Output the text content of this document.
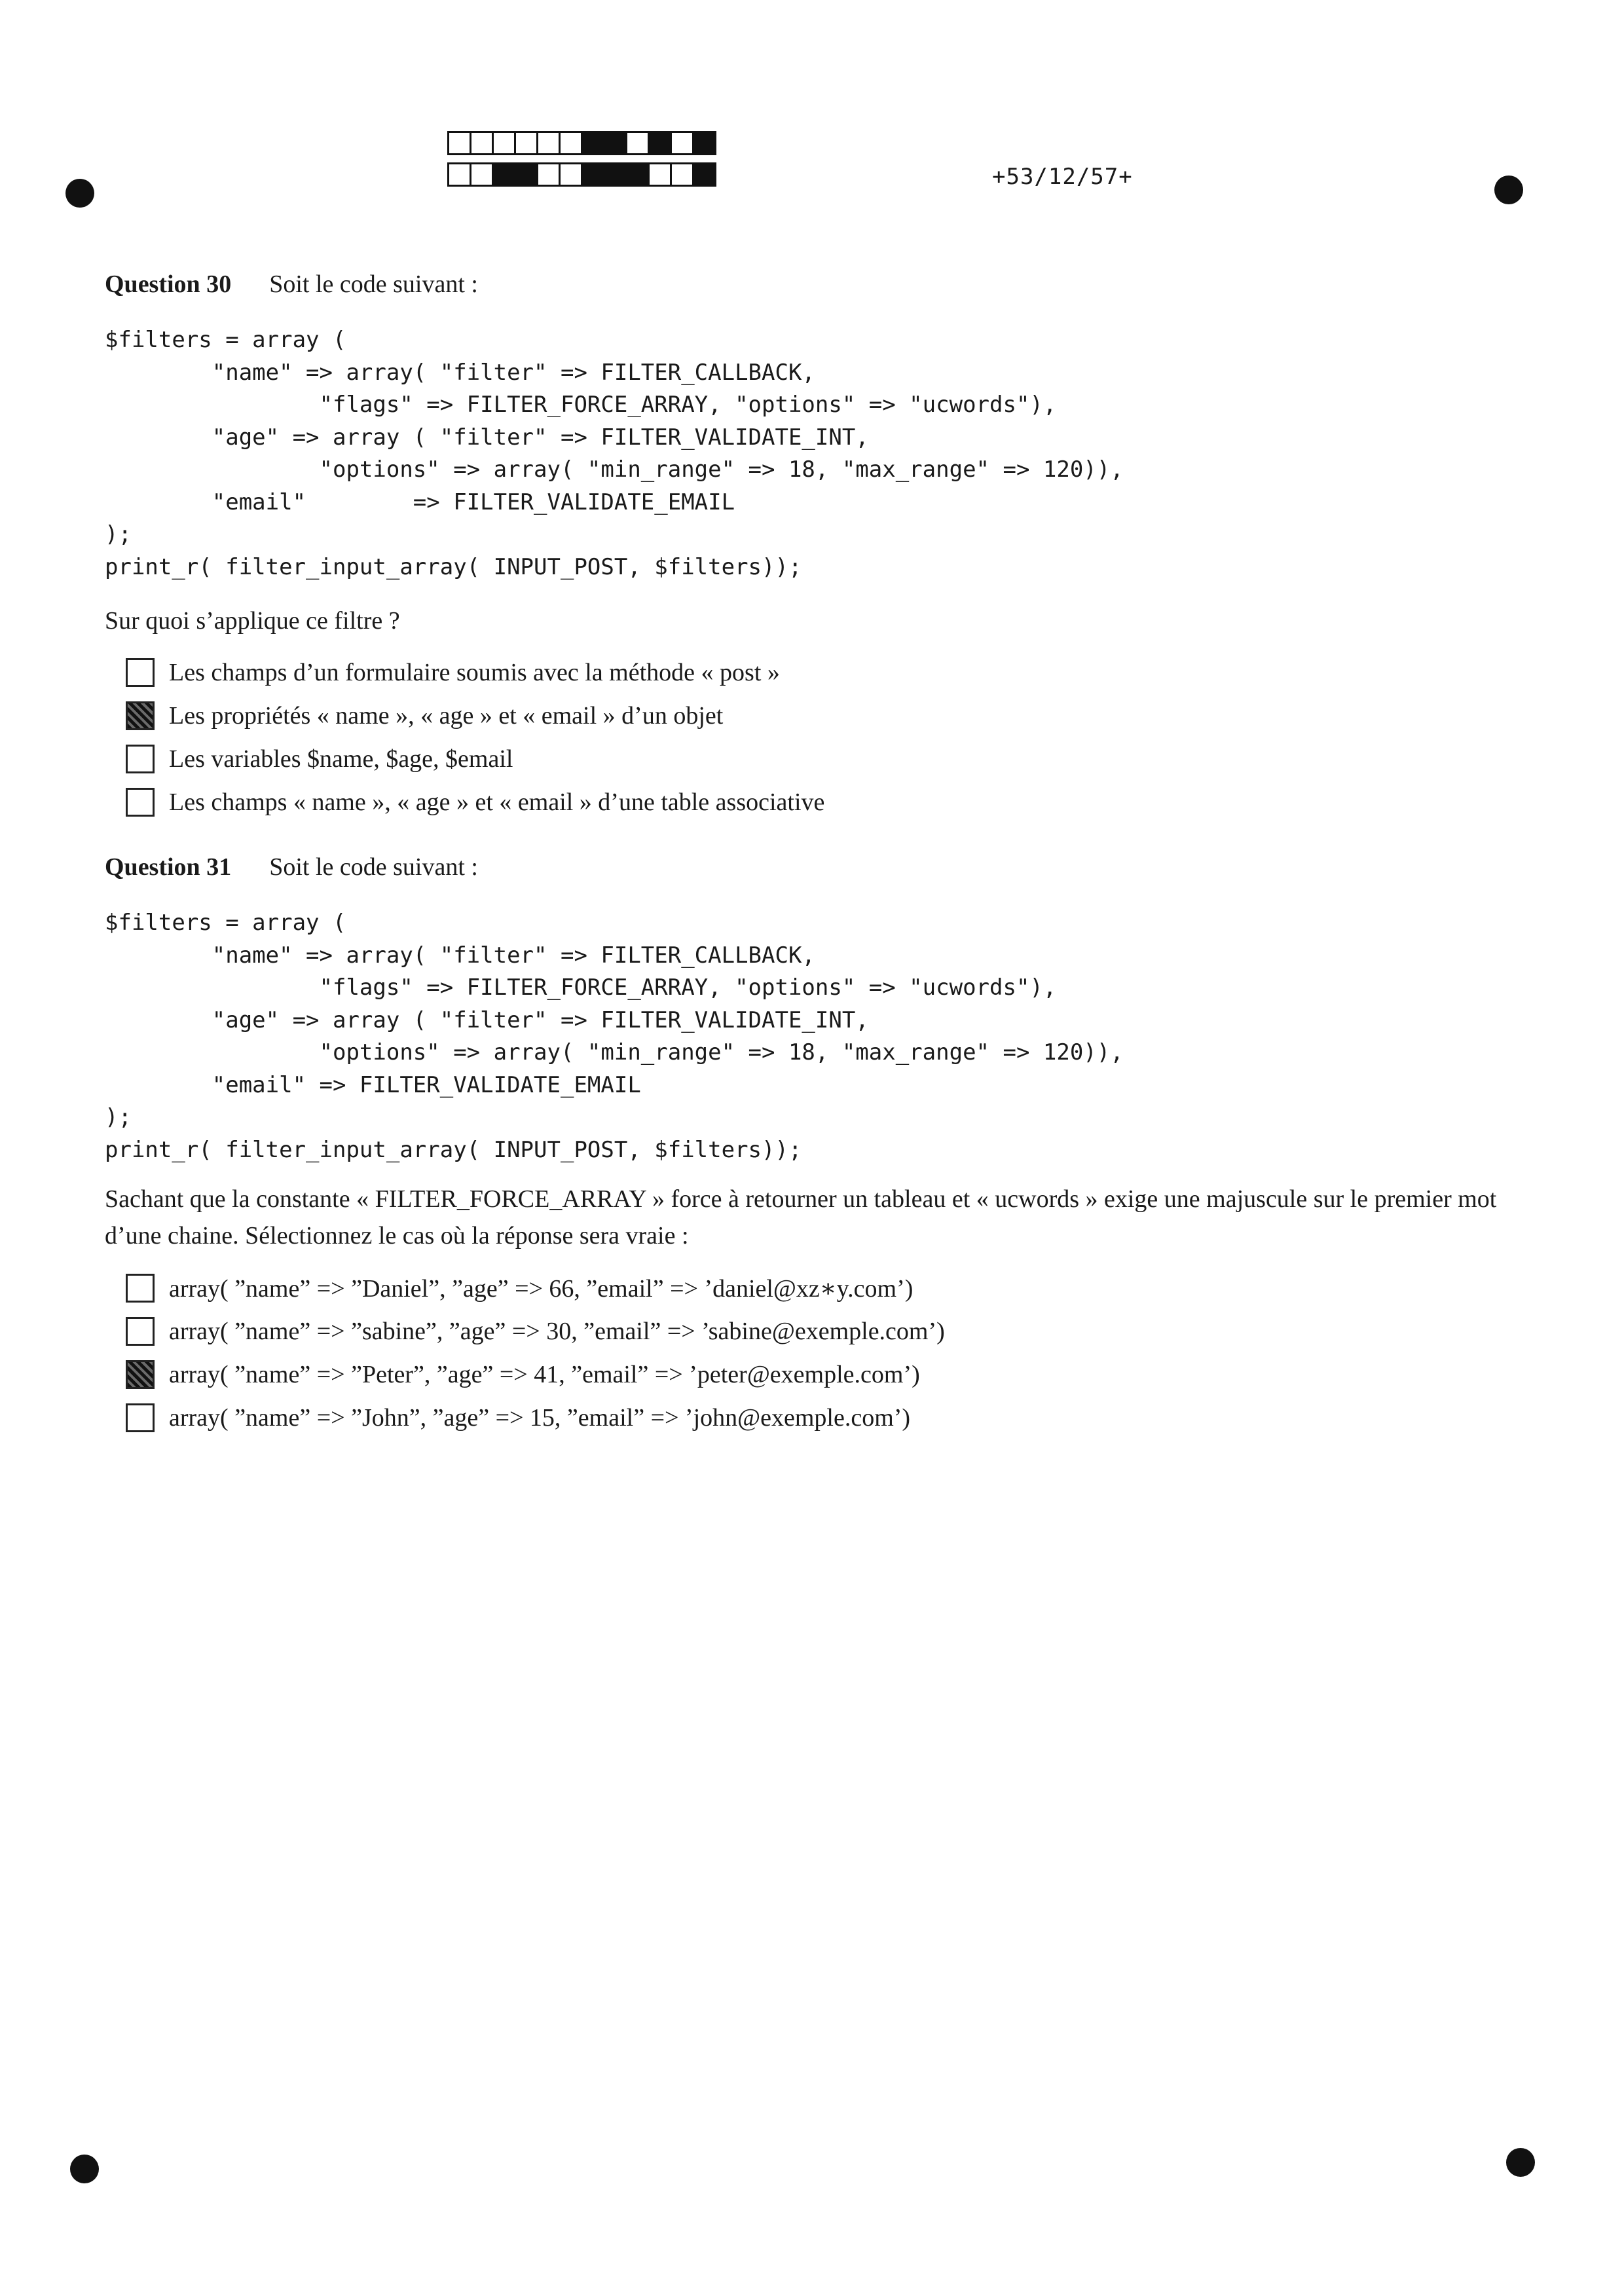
+53/12/57+
Question 30 Soit le code suivant :
$filters = array (
"name" => array( "filter" => FILTER_CALLBACK,
"flags" => FILTER_FORCE_ARRAY, "options" => "ucwords"),
"age" => array ( "filter" => FILTER_VALIDATE_INT,
"options" => array( "min_range" => 18, "max_range" => 120)),
"email"        => FILTER_VALIDATE_EMAIL
);
print_r( filter_input_array( INPUT_POST, $filters));
Sur quoi s’applique ce filtre ?
Les champs d’un formulaire soumis avec la méthode « post »
Les propriétés « name », « age » et « email » d’un objet
Les variables $name, $age, $email
Les champs « name », « age » et « email » d’une table associative
Question 31 Soit le code suivant :
$filters = array (
"name" => array( "filter" => FILTER_CALLBACK,
"flags" => FILTER_FORCE_ARRAY, "options" => "ucwords"),
"age" => array ( "filter" => FILTER_VALIDATE_INT,
"options" => array( "min_range" => 18, "max_range" => 120)),
"email" => FILTER_VALIDATE_EMAIL
);
print_r( filter_input_array( INPUT_POST, $filters));
Sachant que la constante « FILTER_FORCE_ARRAY » force à retourner un tableau et « ucwords » exige une majuscule sur le premier mot d’une chaine. Sélectionnez le cas où la réponse sera vraie :
array( ”name” => ”Daniel”, ”age” => 66, ”email” => ’daniel@xz∗y.com’)
array( ”name” => ”sabine”, ”age” => 30, ”email” => ’sabine@exemple.com’)
array( ”name” => ”Peter”, ”age” => 41, ”email” => ’peter@exemple.com’)
array( ”name” => ”John”, ”age” => 15, ”email” => ’john@exemple.com’)
